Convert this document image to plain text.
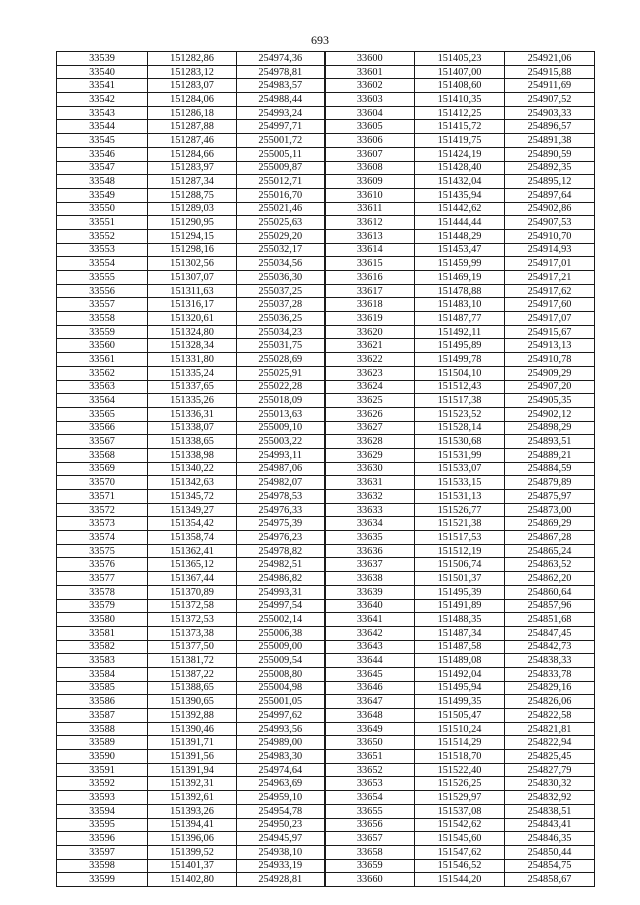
693
33539	151282,86	254974,36	33600	151405,23	254921,06
33540	151283,12	254978,81	33601	151407,00	254915,88
33541	151283,07	254983,57	33602	151408,60	254911,69
33542	151284,06	254988,44	33603	151410,35	254907,52
33543	151286,18	254993,24	33604	151412,25	254903,33
33544	151287,88	254997,71	33605	151415,72	254896,57
33545	151287,46	255001,72	33606	151419,75	254891,38
33546	151284,66	255005,11	33607	151424,19	254890,59
33547	151283,97	255009,87	33608	151428,40	254892,35
33548	151287,34	255012,71	33609	151432,04	254895,12
33549	151288,75	255016,70	33610	151435,94	254897,64
33550	151289,03	255021,46	33611	151442,62	254902,86
33551	151290,95	255025,63	33612	151444,44	254907,53
33552	151294,15	255029,20	33613	151448,29	254910,70
33553	151298,16	255032,17	33614	151453,47	254914,93
33554	151302,56	255034,56	33615	151459,99	254917,01
33555	151307,07	255036,30	33616	151469,19	254917,21
33556	151311,63	255037,25	33617	151478,88	254917,62
33557	151316,17	255037,28	33618	151483,10	254917,60
33558	151320,61	255036,25	33619	151487,77	254917,07
33559	151324,80	255034,23	33620	151492,11	254915,67
33560	151328,34	255031,75	33621	151495,89	254913,13
33561	151331,80	255028,69	33622	151499,78	254910,78
33562	151335,24	255025,91	33623	151504,10	254909,29
33563	151337,65	255022,28	33624	151512,43	254907,20
33564	151335,26	255018,09	33625	151517,38	254905,35
33565	151336,31	255013,63	33626	151523,52	254902,12
33566	151338,07	255009,10	33627	151528,14	254898,29
33567	151338,65	255003,22	33628	151530,68	254893,51
33568	151338,98	254993,11	33629	151531,99	254889,21
33569	151340,22	254987,06	33630	151533,07	254884,59
33570	151342,63	254982,07	33631	151533,15	254879,89
33571	151345,72	254978,53	33632	151531,13	254875,97
33572	151349,27	254976,33	33633	151526,77	254873,00
33573	151354,42	254975,39	33634	151521,38	254869,29
33574	151358,74	254976,23	33635	151517,53	254867,28
33575	151362,41	254978,82	33636	151512,19	254865,24
33576	151365,12	254982,51	33637	151506,74	254863,52
33577	151367,44	254986,82	33638	151501,37	254862,20
33578	151370,89	254993,31	33639	151495,39	254860,64
33579	151372,58	254997,54	33640	151491,89	254857,96
33580	151372,53	255002,14	33641	151488,35	254851,68
33581	151373,38	255006,38	33642	151487,34	254847,45
33582	151377,50	255009,00	33643	151487,58	254842,73
33583	151381,72	255009,54	33644	151489,08	254838,33
33584	151387,22	255008,80	33645	151492,04	254833,78
33585	151388,65	255004,98	33646	151495,94	254829,16
33586	151390,65	255001,05	33647	151499,35	254826,06
33587	151392,88	254997,62	33648	151505,47	254822,58
33588	151390,46	254993,56	33649	151510,24	254821,81
33589	151391,71	254989,00	33650	151514,29	254822,94
33590	151391,56	254983,30	33651	151518,70	254825,45
33591	151391,94	254974,64	33652	151522,40	254827,79
33592	151392,31	254963,69	33653	151526,25	254830,32
33593	151392,61	254959,10	33654	151529,97	254832,92
33594	151393,26	254954,78	33655	151537,08	254838,51
33595	151394,41	254950,23	33656	151542,62	254843,41
33596	151396,06	254945,97	33657	151545,60	254846,35
33597	151399,52	254938,10	33658	151547,62	254850,44
33598	151401,37	254933,19	33659	151546,52	254854,75
33599	151402,80	254928,81	33660	151544,20	254858,67
